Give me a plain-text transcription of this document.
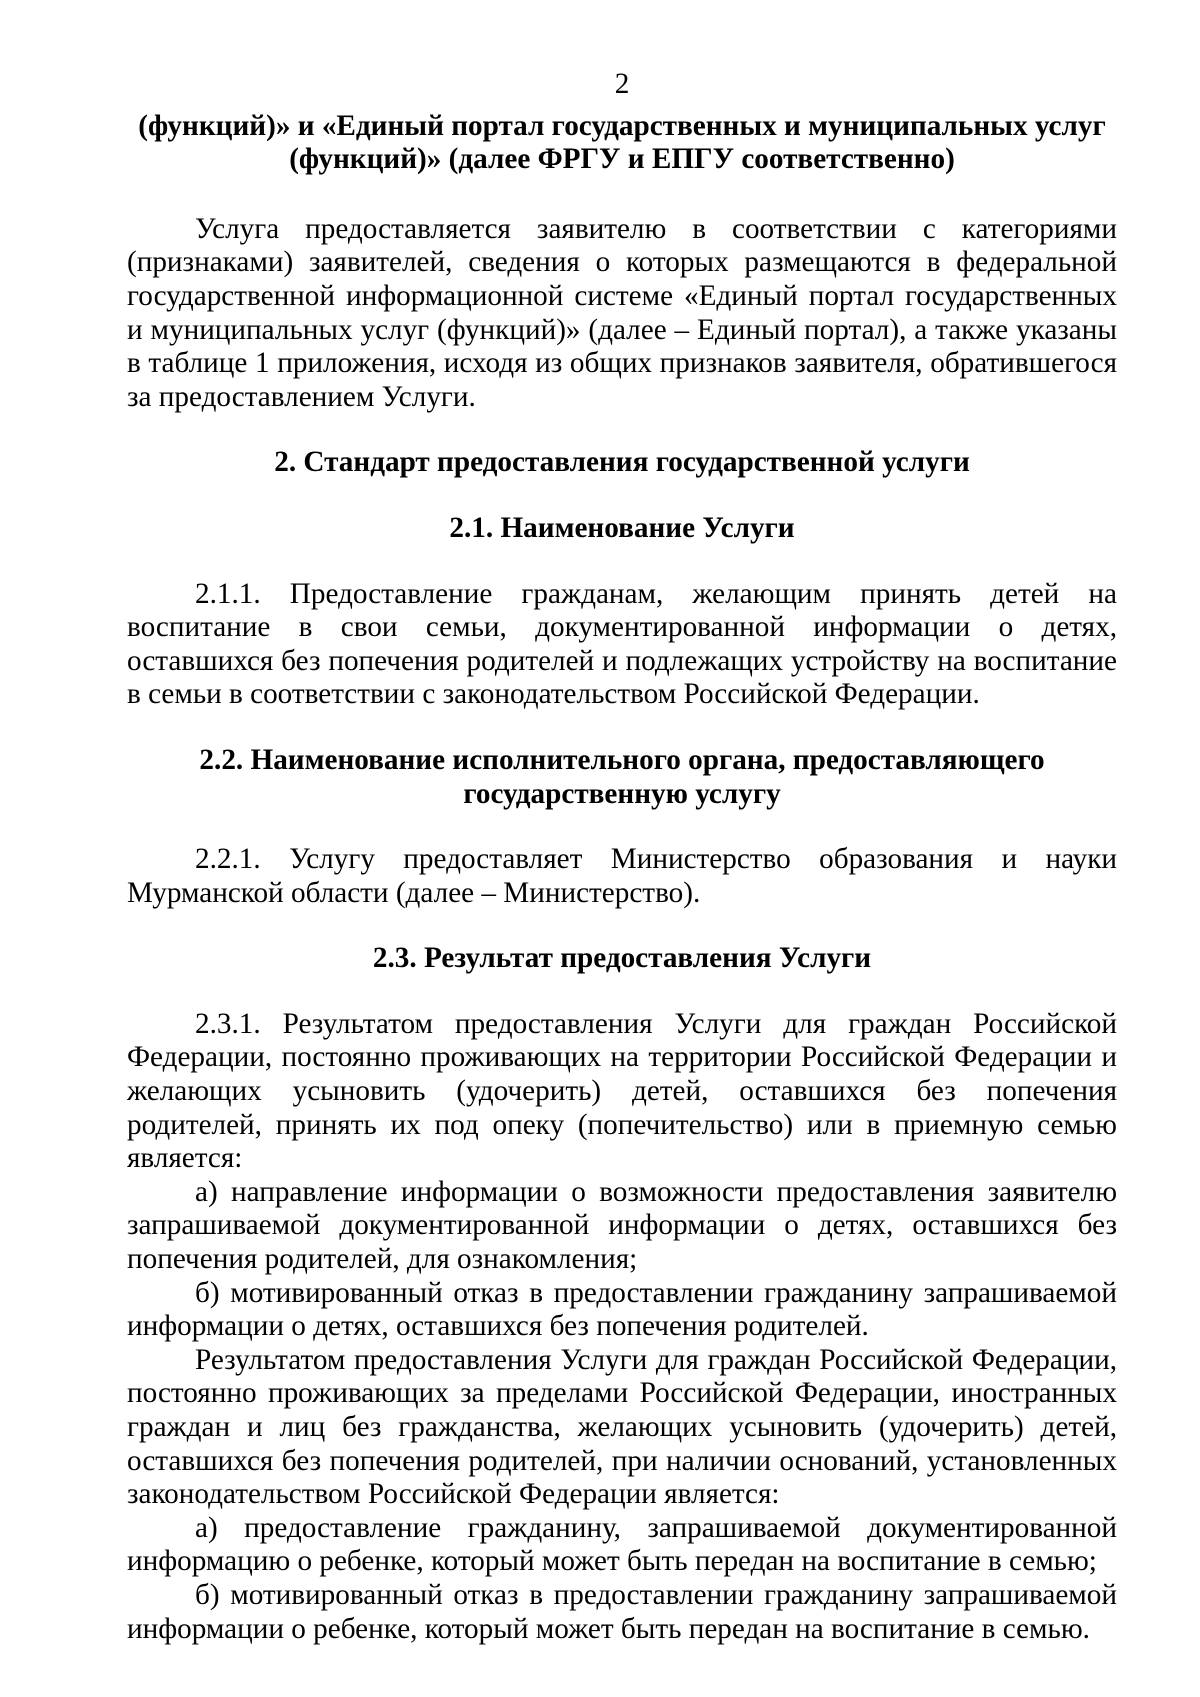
2

(функций)» и «Единый портал государственных и муниципальных услуг (функций)» (далее ФРГУ и ЕПГУ соответственно)

Услуга предоставляется заявителю в соответствии с категориями (признаками) заявителей, сведения о которых размещаются в федеральной государственной информационной системе «Единый портал государственных и муниципальных услуг (функций)» (далее – Единый портал), а также указаны в таблице 1 приложения, исходя из общих признаков заявителя, обратившегося за предоставлением Услуги.

2. Стандарт предоставления государственной услуги

2.1. Наименование Услуги

2.1.1. Предоставление гражданам, желающим принять детей на воспитание в свои семьи, документированной информации о детях, оставшихся без попечения родителей и подлежащих устройству на воспитание в семьи в соответствии с законодательством Российской Федерации.

2.2. Наименование исполнительного органа, предоставляющего государственную услугу

2.2.1. Услугу предоставляет Министерство образования и науки Мурманской области (далее – Министерство).

2.3. Результат предоставления Услуги

2.3.1. Результатом предоставления Услуги для граждан Российской Федерации, постоянно проживающих на территории Российской Федерации и желающих усыновить (удочерить) детей, оставшихся без попечения родителей, принять их под опеку (попечительство) или в приемную семью является:

а) направление информации о возможности предоставления заявителю запрашиваемой документированной информации о детях, оставшихся без попечения родителей, для ознакомления;

б) мотивированный отказ в предоставлении гражданину запрашиваемой информации о детях, оставшихся без попечения родителей.

Результатом предоставления Услуги для граждан Российской Федерации, постоянно проживающих за пределами Российской Федерации, иностранных граждан и лиц без гражданства, желающих усыновить (удочерить) детей, оставшихся без попечения родителей, при наличии оснований, установленных законодательством Российской Федерации является:

а) предоставление гражданину, запрашиваемой документированной информацию о ребенке, который может быть передан на воспитание в семью;

б) мотивированный отказ в предоставлении гражданину запрашиваемой информации о ребенке, который может быть передан на воспитание в семью.
